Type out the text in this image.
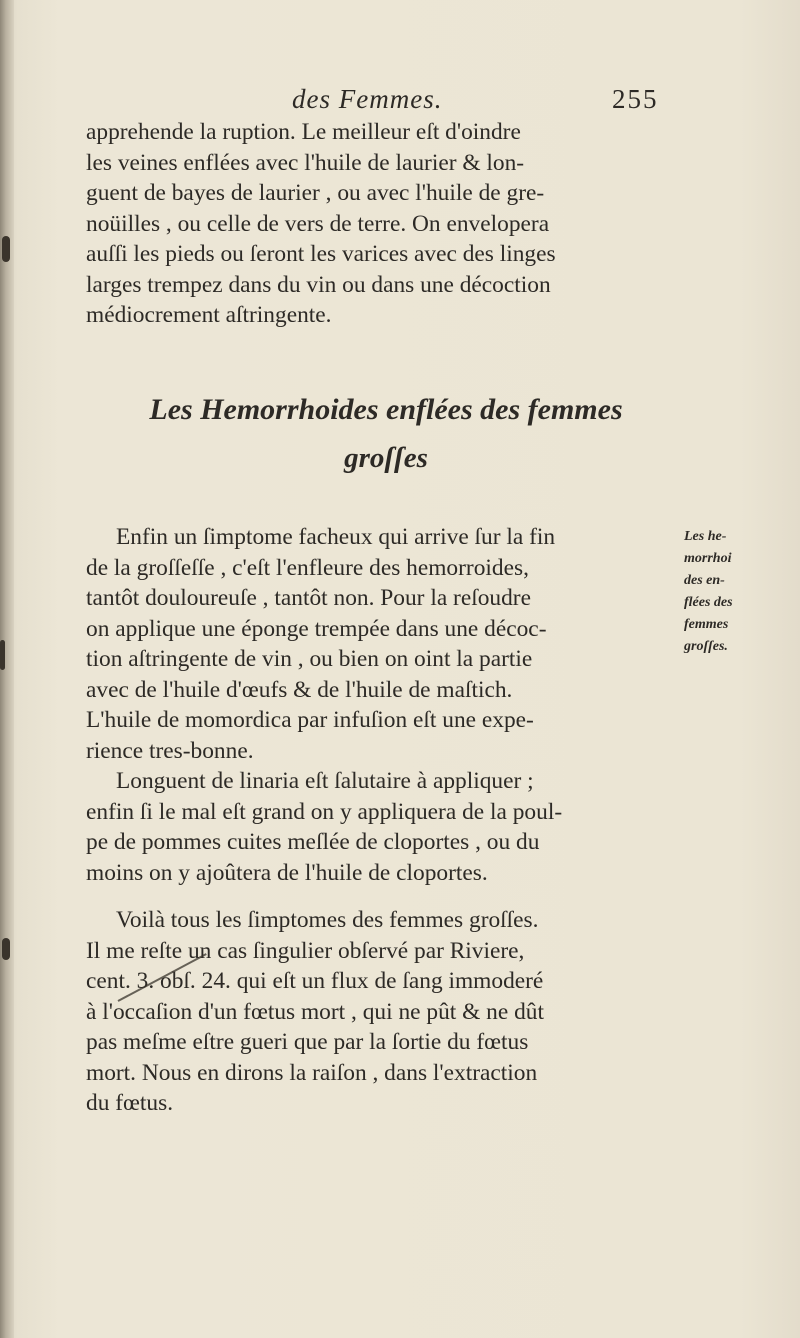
des Femmes.	255
apprehende la ruption. Le meilleur eſt d'oindre
les veines enflées avec l'huile de laurier & lon-
guent de bayes de laurier , ou avec l'huile de gre-
noüilles , ou celle de vers de terre. On envelopera
auſſi les pieds ou ſeront les varices avec des linges
larges trempez dans du vin ou dans une décoction
médiocrement aſtringente.
Les Hemorrhoides enflées des femmes
groſſes
Enfin un ſimptome facheux qui arrive ſur la fin
de la groſſeſſe , c'eſt l'enfleure des hemorroides,
tantôt douloureuſe , tantôt non. Pour la reſoudre
on applique une éponge trempée dans une décoc-
tion aſtringente de vin , ou bien on oint la partie
avec de l'huile d'œufs & de l'huile de maſtich.
L'huile de momordica par infuſion eſt une expe-
rience tres-bonne.
Longuent de linaria eſt ſalutaire à appliquer ;
enfin ſi le mal eſt grand on y appliquera de la poul-
pe de pommes cuites meſlée de cloportes , ou du
moins on y ajoûtera de l'huile de cloportes.
Voilà tous les ſimptomes des femmes groſſes.
Il me reſte un cas ſingulier obſervé par Riviere,
cent. 3. obſ. 24. qui eſt un flux de ſang immoderé
à l'occaſion d'un fœtus mort , qui ne pût & ne dût
pas meſme eſtre gueri que par la ſortie du fœtus
mort. Nous en dirons la raiſon , dans l'extraction
du fœtus.
Les he-
morrhoi
des en-
flées des
femmes
groſſes.
